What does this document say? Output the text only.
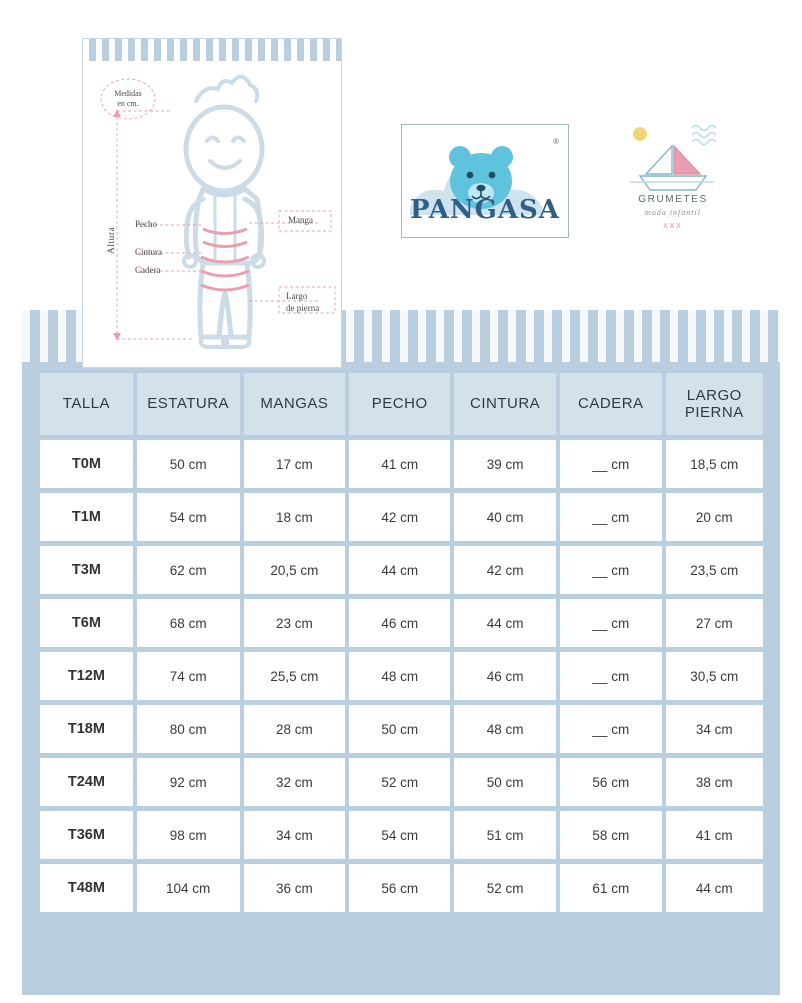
Medidas
en cm.
Altura
Pecho
Cintura
Cadera
Manga
Largo
de pierna
®
PANGASA	GRUMETES
moda infantil
xxx
TALLA	ESTATURA	MANGAS	PECHO	CINTURA	CADERA	LARGO
PIERNA
T0M	50 cm	17 cm	41 cm	39 cm	__ cm	18,5 cm
T1M	54 cm	18 cm	42 cm	40 cm	__ cm	20 cm
T3M	62 cm	20,5 cm	44 cm	42 cm	__ cm	23,5 cm
T6M	68 cm	23 cm	46 cm	44 cm	__ cm	27 cm
T12M	74 cm	25,5 cm	48 cm	46 cm	__ cm	30,5 cm
T18M	80 cm	28 cm	50 cm	48 cm	__ cm	34 cm
T24M	92 cm	32 cm	52 cm	50 cm	56 cm	38 cm
T36M	98 cm	34 cm	54 cm	51 cm	58 cm	41 cm
T48M	104 cm	36 cm	56 cm	52 cm	61 cm	44 cm
